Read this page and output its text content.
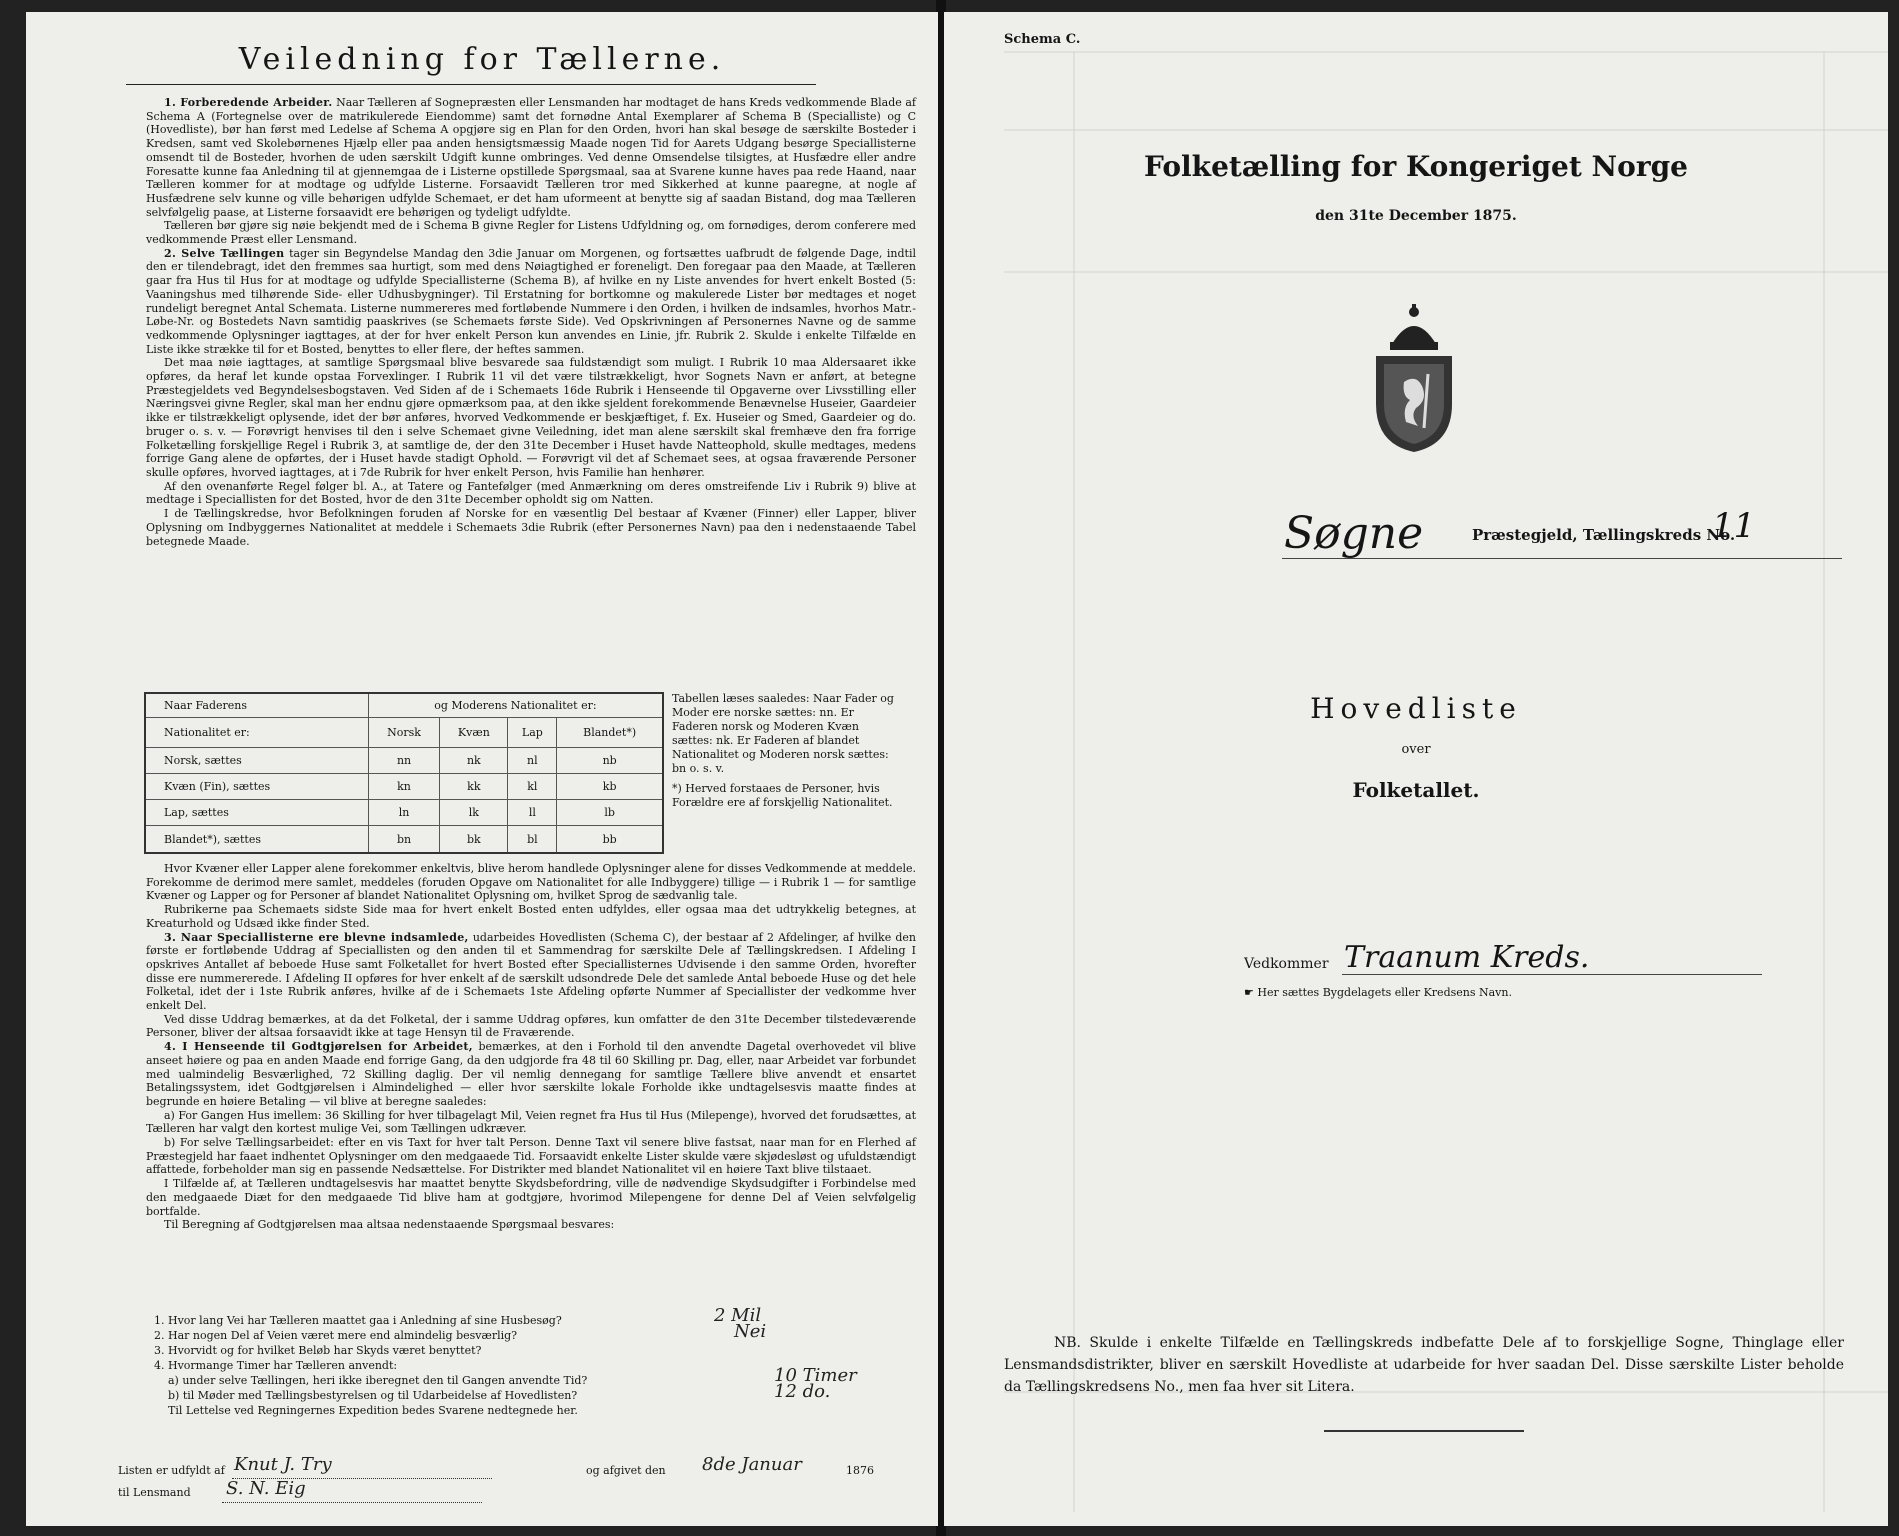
Veiledning for Tællerne.

1. Forberedende Arbeider. Naar Tælleren af Sognepræsten eller Lensmanden har modtaget de hans Kreds vedkommende Blade af Schema A (Fortegnelse over de matrikulerede Eiendomme) samt det fornødne Antal Exemplarer af Schema B (Specialliste) og C (Hovedliste), bør han først med Ledelse af Schema A opgjøre sig en Plan for den Orden, hvori han skal besøge de særskilte Bosteder i Kredsen, samt ved Skolebørnenes Hjælp eller paa anden hensigtsmæssig Maade nogen Tid for Aarets Udgang besørge Speciallisterne omsendt til de Bosteder, hvorhen de uden særskilt Udgift kunne ombringes. Ved denne Omsendelse tilsigtes, at Husfædre eller andre Foresatte kunne faa Anledning til at gjennemgaa de i Listerne opstillede Spørgsmaal, saa at Svarene kunne haves paa rede Haand, naar Tælleren kommer for at modtage og udfylde Listerne. Forsaavidt Tælleren tror med Sikkerhed at kunne paaregne, at nogle af Husfædrene selv kunne og ville behørigen udfylde Schemaet, er det ham uformeent at benytte sig af saadan Bistand, dog maa Tælleren selvfølgelig paase, at Listerne forsaavidt ere behørigen og tydeligt udfyldte.

Tælleren bør gjøre sig nøie bekjendt med de i Schema B givne Regler for Listens Udfyldning og, om fornødiges, derom conferere med vedkommende Præst eller Lensmand.

2. Selve Tællingen tager sin Begyndelse Mandag den 3die Januar om Morgenen, og fortsættes uafbrudt de følgende Dage, indtil den er tilendebragt, idet den fremmes saa hurtigt, som med dens Nøiagtighed er foreneligt. Den foregaar paa den Maade, at Tælleren gaar fra Hus til Hus for at modtage og udfylde Speciallisterne (Schema B), af hvilke en ny Liste anvendes for hvert enkelt Bosted (5: Vaaningshus med tilhørende Side- eller Udhusbygninger). Til Erstatning for bortkomne og makulerede Lister bør medtages et noget rundeligt beregnet Antal Schemata. Listerne nummereres med fortløbende Nummere i den Orden, i hvilken de indsamles, hvorhos Matr.-Løbe-Nr. og Bostedets Navn samtidig paaskrives (se Schemaets første Side). Ved Opskrivningen af Personernes Navne og de samme vedkommende Oplysninger iagttages, at der for hver enkelt Person kun anvendes en Linie, jfr. Rubrik 2. Skulde i enkelte Tilfælde en Liste ikke strække til for et Bosted, benyttes to eller flere, der heftes sammen.

Det maa nøie iagttages, at samtlige Spørgsmaal blive besvarede saa fuldstændigt som muligt. I Rubrik 10 maa Aldersaaret ikke opføres, da heraf let kunde opstaa Forvexlinger. I Rubrik 11 vil det være tilstrækkeligt, hvor Sognets Navn er anført, at betegne Præstegjeldets ved Begyndelsesbogstaven. Ved Siden af de i Schemaets 16de Rubrik i Henseende til Opgaverne over Livsstilling eller Næringsvei givne Regler, skal man her endnu gjøre opmærksom paa, at den ikke sjeldent forekommende Benævnelse Huseier, Gaardeier ikke er tilstrækkeligt oplysende, idet der bør anføres, hvorved Vedkommende er beskjæftiget, f. Ex. Huseier og Smed, Gaardeier og do. bruger o. s. v. — Forøvrigt henvises til den i selve Schemaet givne Veiledning, idet man alene særskilt skal fremhæve den fra forrige Folketælling forskjellige Regel i Rubrik 3, at samtlige de, der den 31te December i Huset havde Natteophold, skulle medtages, medens forrige Gang alene de opførtes, der i Huset havde stadigt Ophold. — Forøvrigt vil det af Schemaet sees, at ogsaa fraværende Personer skulle opføres, hvorved iagttages, at i 7de Rubrik for hver enkelt Person, hvis Familie han henhører.

Af den ovenanførte Regel følger bl. A., at Tatere og Fantefølger (med Anmærkning om deres omstreifende Liv i Rubrik 9) blive at medtage i Speciallisten for det Bosted, hvor de den 31te December opholdt sig om Natten.

I de Tællingskredse, hvor Befolkningen foruden af Norske for en væsentlig Del bestaar af Kvæner (Finner) eller Lapper, bliver Oplysning om Indbyggernes Nationalitet at meddele i Schemaets 3die Rubrik (efter Personernes Navn) paa den i nedenstaaende Tabel betegnede Maade.

Naar Faderens	og Moderens Nationalitet er:			
Nationalitet er:	Norsk	Kvæn	Lap	Blandet*)
Norsk, sættes	nn	nk	nl	nb
Kvæn (Fin), sættes	kn	kk	kl	kb
Lap, sættes	ln	lk	ll	lb
Blandet*), sættes	bn	bk	bl	bb

Tabellen læses saaledes: Naar Fader og Moder ere norske sættes: nn. Er Faderen norsk og Moderen Kvæn sættes: nk. Er Faderen af blandet Nationalitet og Moderen norsk sættes: bn o. s. v.

*) Herved forstaaes de Personer, hvis Forældre ere af forskjellig Nationalitet.

Hvor Kvæner eller Lapper alene forekommer enkeltvis, blive herom handlede Oplysninger alene for disses Vedkommende at meddele. Forekomme de derimod mere samlet, meddeles (foruden Opgave om Nationalitet for alle Indbyggere) tillige — i Rubrik 1 — for samtlige Kvæner og Lapper og for Personer af blandet Nationalitet Oplysning om, hvilket Sprog de sædvanlig tale.

Rubrikerne paa Schemaets sidste Side maa for hvert enkelt Bosted enten udfyldes, eller ogsaa maa det udtrykkelig betegnes, at Kreaturhold og Udsæd ikke finder Sted.

3. Naar Speciallisterne ere blevne indsamlede, udarbeides Hovedlisten (Schema C), der bestaar af 2 Afdelinger, af hvilke den første er fortløbende Uddrag af Speciallisten og den anden til et Sammendrag for særskilte Dele af Tællingskredsen. I Afdeling I opskrives Antallet af beboede Huse samt Folketallet for hvert Bosted efter Speciallisternes Udvisende i den samme Orden, hvorefter disse ere nummererede. I Afdeling II opføres for hver enkelt af de særskilt udsondrede Dele det samlede Antal beboede Huse og det hele Folketal, idet der i 1ste Rubrik anføres, hvilke af de i Schemaets 1ste Afdeling opførte Nummer af Speciallister der vedkomme hver enkelt Del.

Ved disse Uddrag bemærkes, at da det Folketal, der i samme Uddrag opføres, kun omfatter de den 31te December tilstedeværende Personer, bliver der altsaa forsaavidt ikke at tage Hensyn til de Fraværende.

4. I Henseende til Godtgjørelsen for Arbeidet, bemærkes, at den i Forhold til den anvendte Dagetal overhovedet vil blive anseet høiere og paa en anden Maade end forrige Gang, da den udgjorde fra 48 til 60 Skilling pr. Dag, eller, naar Arbeidet var forbundet med ualmindelig Besværlighed, 72 Skilling daglig. Der vil nemlig dennegang for samtlige Tællere blive anvendt et ensartet Betalingssystem, idet Godtgjørelsen i Almindelighed — eller hvor særskilte lokale Forholde ikke undtagelsesvis maatte findes at begrunde en høiere Betaling — vil blive at beregne saaledes:

a) For Gangen Hus imellem: 36 Skilling for hver tilbagelagt Mil, Veien regnet fra Hus til Hus (Milepenge), hvorved det forudsættes, at Tælleren har valgt den kortest mulige Vei, som Tællingen udkræver.

b) For selve Tællingsarbeidet: efter en vis Taxt for hver talt Person. Denne Taxt vil senere blive fastsat, naar man for en Flerhed af Præstegjeld har faaet indhentet Oplysninger om den medgaaede Tid. Forsaavidt enkelte Lister skulde være skjødesløst og ufuldstændigt affattede, forbeholder man sig en passende Nedsættelse. For Distrikter med blandet Nationalitet vil en høiere Taxt blive tilstaaet.

I Tilfælde af, at Tælleren undtagelsesvis har maattet benytte Skydsbefordring, ville de nødvendige Skydsudgifter i Forbindelse med den medgaaede Diæt for den medgaaede Tid blive ham at godtgjøre, hvorimod Milepengene for denne Del af Veien selvfølgelig bortfalde.

Til Beregning af Godtgjørelsen maa altsaa nedenstaaende Spørgsmaal besvares:

1. Hvor lang Vei har Tælleren maattet gaa i Anledning af sine Husbesøg?	2 Mil
2. Har nogen Del af Veien været mere end almindelig besværlig?	Nei
3. Hvorvidt og for hvilket Beløb har Skyds været benyttet?
4. Hvormange Timer har Tælleren anvendt:
a) under selve Tællingen, heri ikke iberegnet den til Gangen anvendte Tid?	10 Timer
b) til Møder med Tællingsbestyrelsen og til Udarbeidelse af Hovedlisten?	12 do.
Til Lettelse ved Regningernes Expedition bedes Svarene nedtegnede her.
Listen er udfyldt af Knut J. Try	og afgivet den 8de Januar	1876
til Lensmand S. N. Eig
Schema C.
Folketælling for Kongeriget Norge
den 31te December 1875.
Søgne	Præstegjeld, Tællingskreds No.
11
Hovedliste
over
Folketallet.
Vedkommer Traanum Kreds.
☛ Her sættes Bygdelagets eller Kredsens Navn.

NB. Skulde i enkelte Tilfælde en Tællingskreds indbefatte Dele af to forskjellige Sogne, Thinglage eller Lensmandsdistrikter, bliver en særskilt Hovedliste at udarbeide for hver saadan Del. Disse særskilte Lister beholde da Tællingskredsens No., men faa hver sit Litera.
